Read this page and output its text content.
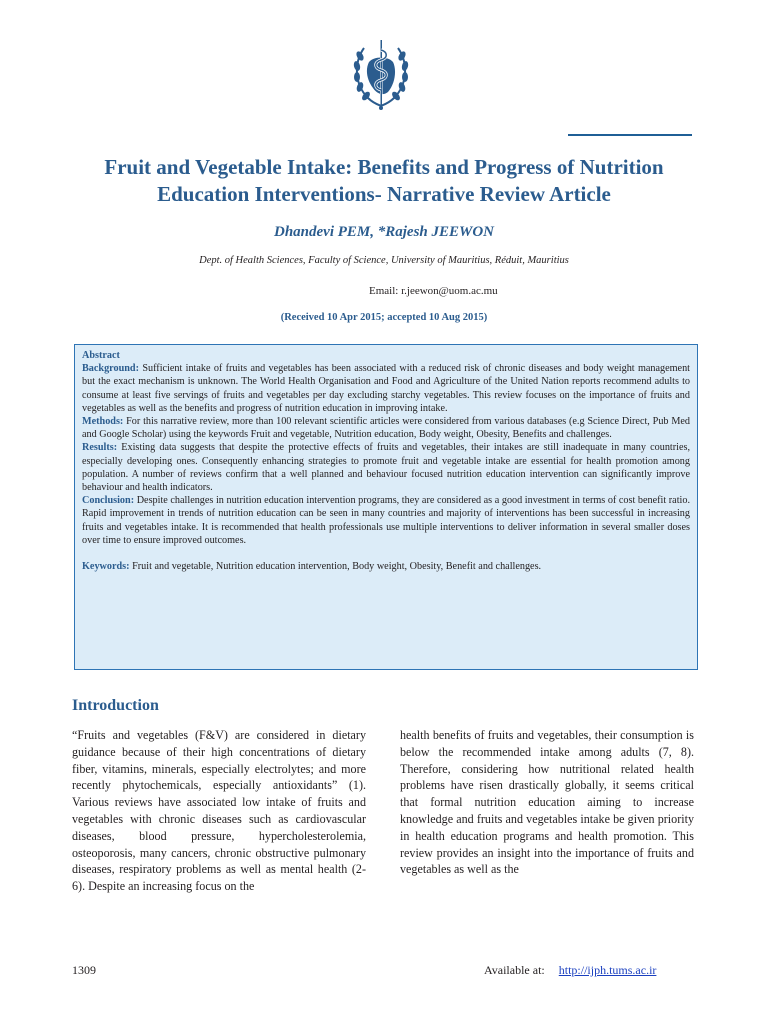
Fruit and Vegetable Intake: Benefits and Progress of Nutrition Education Interventions- Narrative Review Article
Dhandevi PEM, *Rajesh JEEWON
Dept. of Health Sciences, Faculty of Science, University of Mauritius, Réduit, Mauritius
Email: r.jeewon@uom.ac.mu
(Received 10 Apr 2015; accepted 10 Aug 2015)

Abstract

Background: Sufficient intake of fruits and vegetables has been associated with a reduced risk of chronic diseases and body weight management but the exact mechanism is unknown. The World Health Organisation and Food and Agriculture of the United Nation reports recommend adults to consume at least five servings of fruits and vegetables per day excluding starchy vegetables. This review focuses on the importance of fruits and vegetables as well as the benefits and progress of nutrition education in improving intake.

Methods: For this narrative review, more than 100 relevant scientific articles were considered from various databases (e.g Science Direct, Pub Med and Google Scholar) using the keywords Fruit and vegetable, Nutrition education, Body weight, Obesity, Benefits and challenges.

Results: Existing data suggests that despite the protective effects of fruits and vegetables, their intakes are still inadequate in many countries, especially developing ones. Consequently enhancing strategies to promote fruit and vegetable intake are essential for health promotion among population. A number of reviews confirm that a well planned and behaviour focused nutrition education intervention can significantly improve behaviour and health indicators.

Conclusion: Despite challenges in nutrition education intervention programs, they are considered as a good investment in terms of cost benefit ratio. Rapid improvement in trends of nutrition education can be seen in many countries and majority of interventions has been successful in increasing fruits and vegetables intake. It is recommended that health professionals use multiple interventions to deliver information in several smaller doses over time to ensure improved outcomes.

Keywords: Fruit and vegetable, Nutrition education intervention, Body weight, Obesity, Benefit and challenges.

Introduction
“Fruits and vegetables (F&V) are considered in dietary guidance because of their high concentrations of dietary fiber, vitamins, minerals, especially electrolytes; and more recently phytochemicals, especially antioxidants” (1). Various reviews have associated low intake of fruits and vegetables with chronic diseases such as cardiovascular diseases, blood pressure, hypercholesterolemia, osteoporosis, many cancers, chronic obstructive pulmonary diseases, respiratory problems as well as mental health (2- 6). Despite an increasing focus on the
health benefits of fruits and vegetables, their consumption is below the recommended intake among adults (7, 8). Therefore, considering how nutritional related health problems have risen drastically globally, it seems critical that formal nutrition education aiming to increase knowledge and fruits and vegetables intake be given priority in health education programs and health promotion. This review provides an insight into the importance of fruits and vegetables as well as the
1309	Available at: http://ijph.tums.ac.ir
